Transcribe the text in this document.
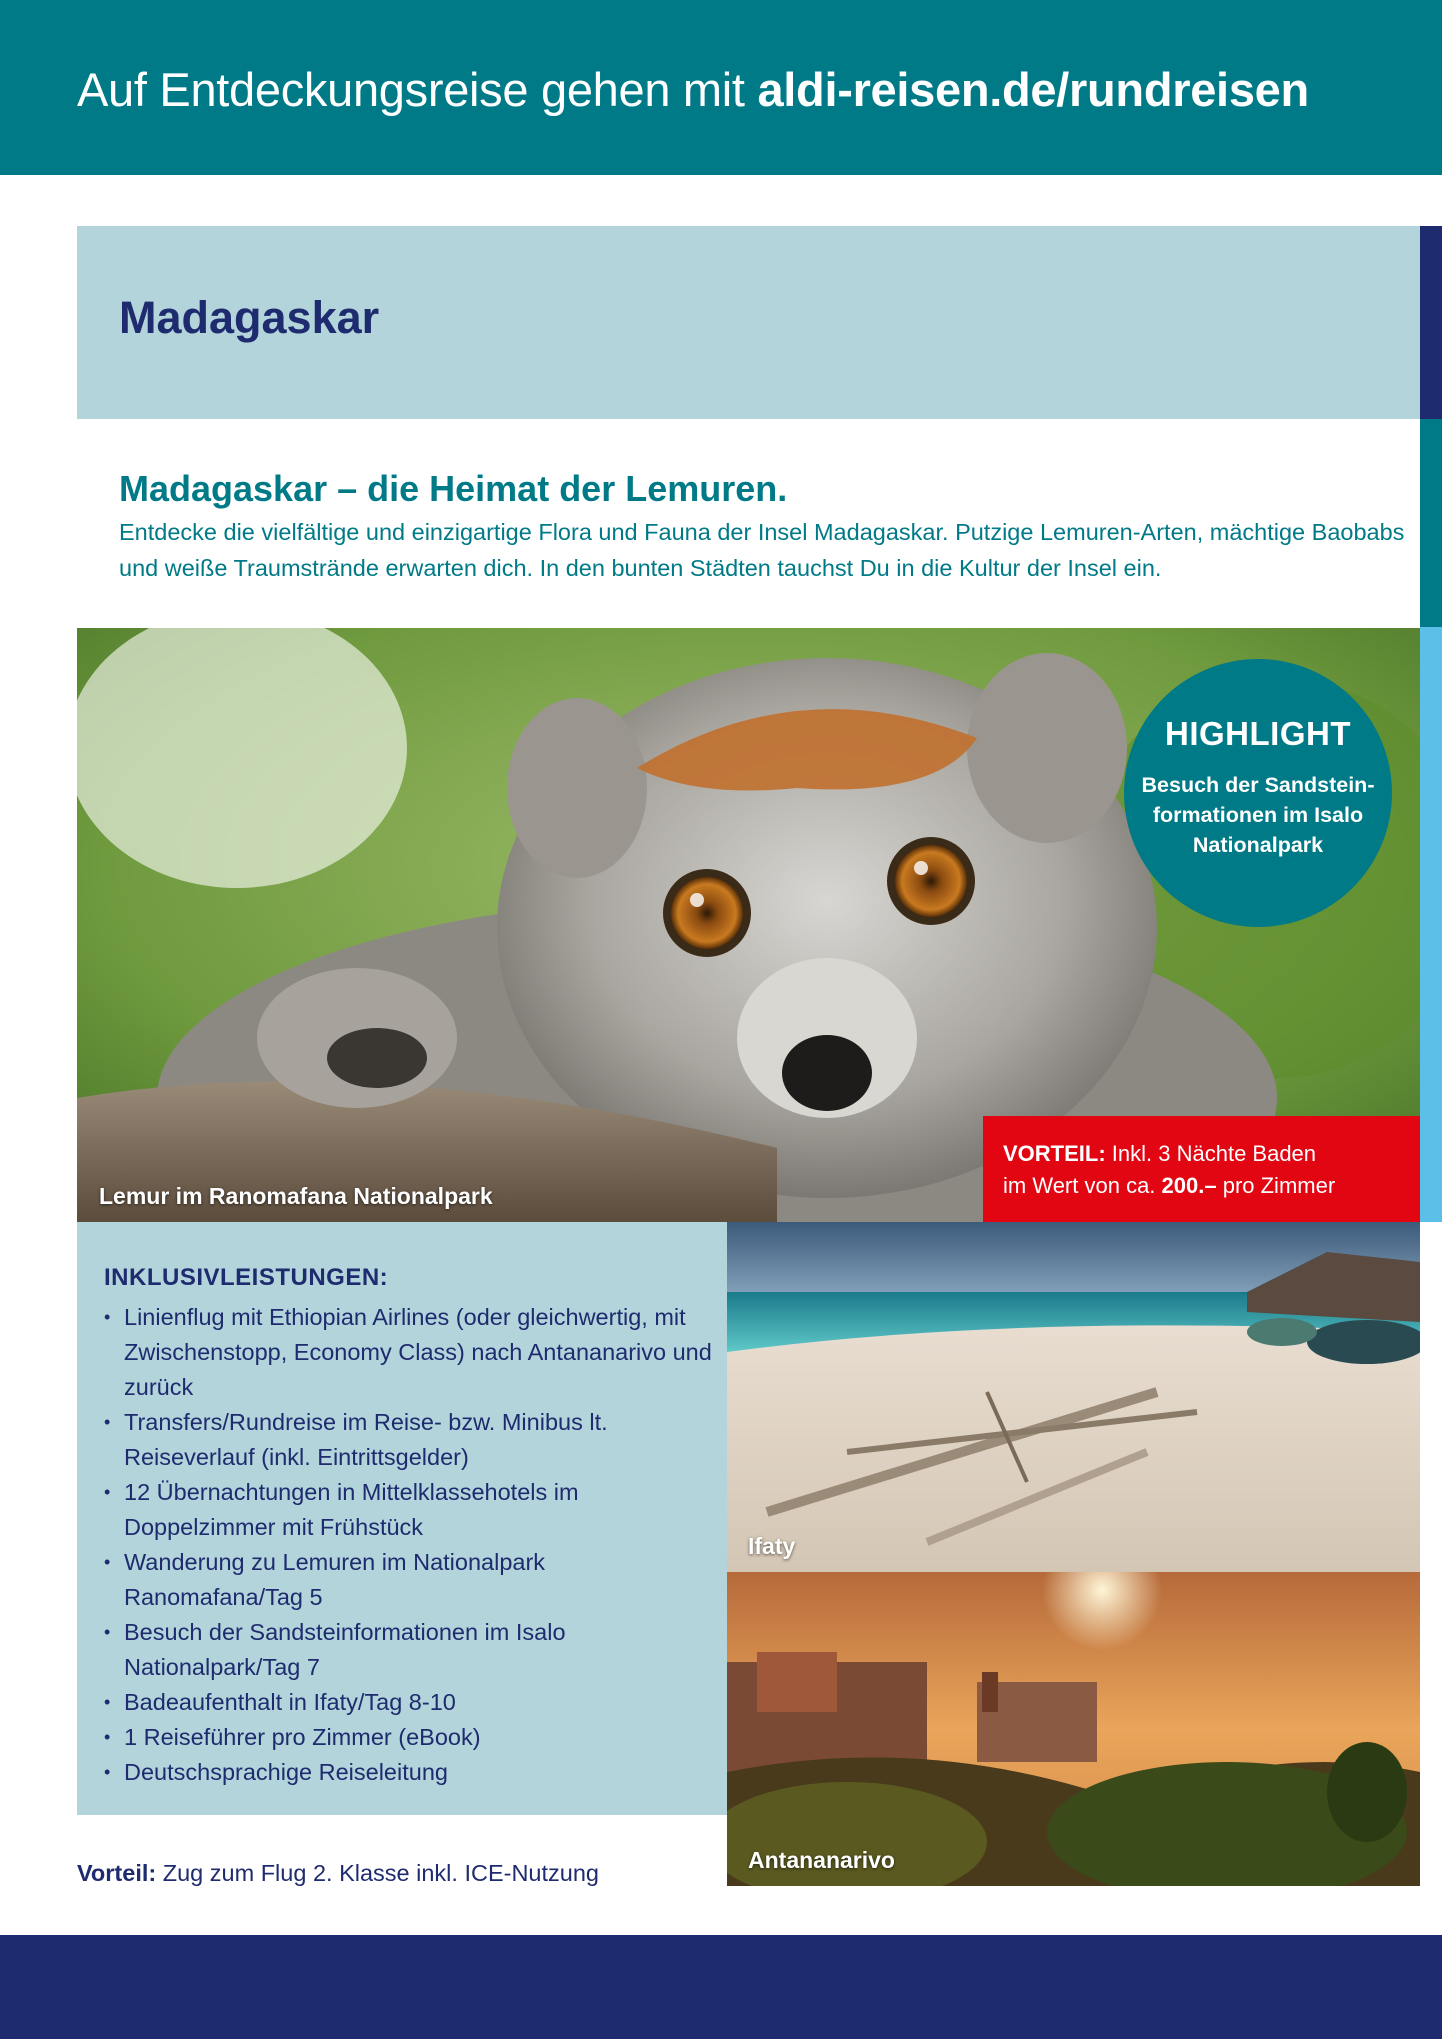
Auf Entdeckungsreise gehen mit aldi-reisen.de/rundreisen
Madagaskar
Madagaskar – die Heimat der Lemuren.

Entdecke die vielfältige und einzigartige Flora und Fauna der Insel Madagaskar. Putzige Lemuren-Arten, mächtige Baobabs und weiße Traumstrände erwarten dich. In den bunten Städten tauchst Du in die Kultur der Insel ein.

Lemur im Ranomafana Nationalpark

HIGHLIGHT
Besuch der Sandstein-formationen im Isalo Nationalpark
VORTEIL: Inkl. 3 Nächte Baden
im Wert von ca. 200.– pro Zimmer
INKLUSIVLEISTUNGEN:
• Linienflug mit Ethiopian Airlines (oder gleichwertig, mit Zwischenstopp, Economy Class) nach Antananarivo und zurück
• Transfers/Rundreise im Reise- bzw. Minibus lt. Reiseverlauf (inkl. Eintrittsgelder)
• 12 Übernachtungen in Mittelklassehotels im Doppelzimmer mit Frühstück
• Wanderung zu Lemuren im Nationalpark Ranomafana/Tag 5
• Besuch der Sandsteinformationen im Isalo Nationalpark/Tag 7
• Badeaufenthalt in Ifaty/Tag 8-10
• 1 Reiseführer pro Zimmer (eBook)
• Deutschsprachige Reiseleitung

Vorteil: Zug zum Flug 2. Klasse inkl. ICE-Nutzung

Ifaty

Antananarivo
